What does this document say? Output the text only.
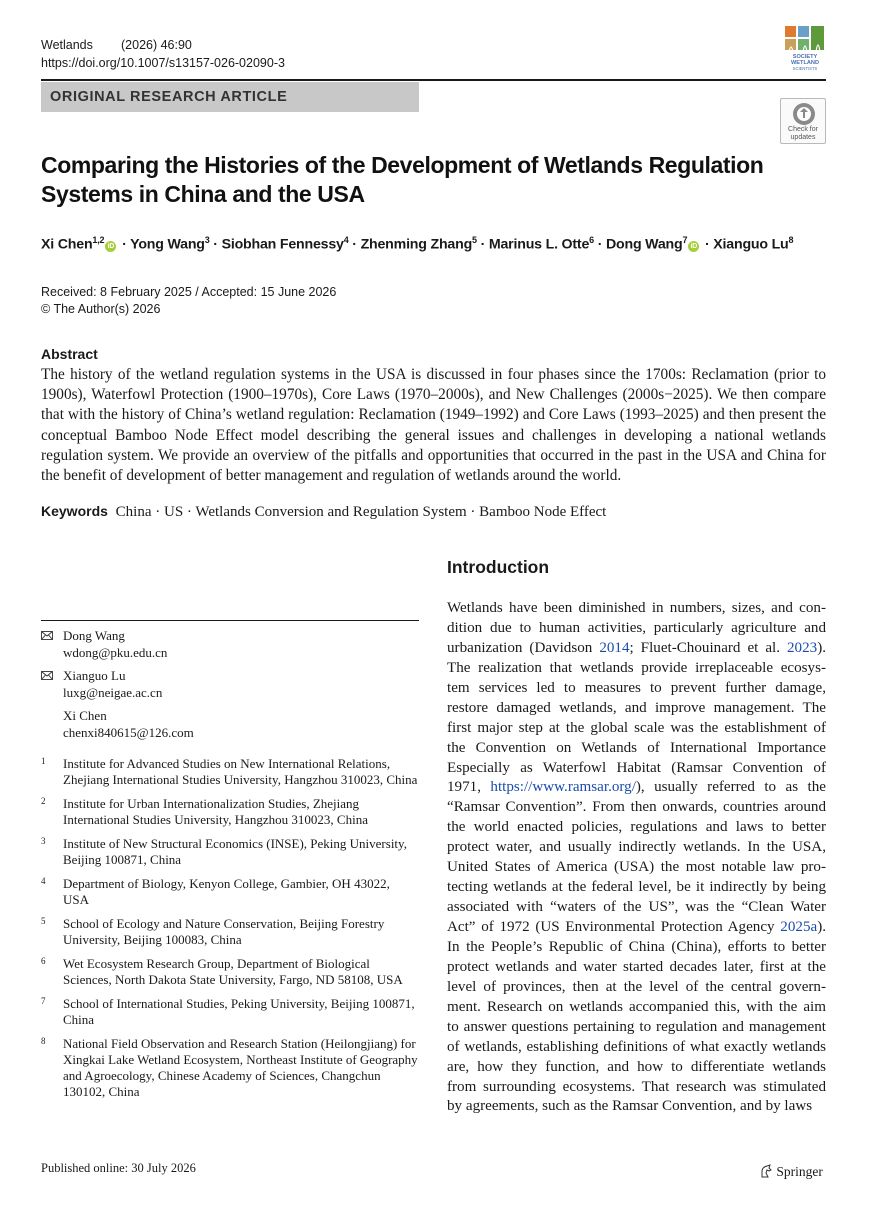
Wetlands (2026) 46:90
https://doi.org/10.1007/s13157-026-02090-3	SOCIETY
WETLAND
SCIENTISTS
ORIGINAL RESEARCH ARTICLE
Check for updates
Comparing the Histories of the Development of Wetlands Regulation Systems in China and the USA
Xi Chen$^{1,2}$iD · Yong Wang$^3$ · Siobhan Fennessy$^4$ · Zhenming Zhang$^5$ · Marinus L. Otte$^6$ · Dong Wang$^7$iD · Xianguo Lu$^8$
Received: 8 February 2025 / Accepted: 15 June 2026
© The Author(s) 2026
Abstract
The history of the wetland regulation systems in the USA is discussed in four phases since the 1700s: Reclamation (prior to 1900s), Waterfowl Protection (1900–1970s), Core Laws (1970–2000s), and New Challenges (2000s−2025). We then compare that with the history of China’s wetland regulation: Reclamation (1949–1992) and Core Laws (1993–2025) and then present the conceptual Bamboo Node Effect model describing the general issues and challenges in developing a national wetlands regulation system. We provide an overview of the pitfalls and opportunities that occurred in the past in the USA and China for the benefit of development of better management and regulation of wetlands around the world.
Keywords China · US · Wetlands Conversion and Regulation System · Bamboo Node Effect
Introduction
Wetlands have been diminished in numbers, sizes, and con-
dition due to human activities, particularly agriculture and
urbanization (Davidson 2014; Fluet-Chouinard et al. 2023).
The realization that wetlands provide irreplaceable ecosys-
tem services led to measures to prevent further damage,
restore damaged wetlands, and improve management. The
first major step at the global scale was the establishment of
the Convention on Wetlands of International Importance
Especially as Waterfowl Habitat (Ramsar Convention of
1971, https://www.ramsar.org/), usually referred to as the
“Ramsar Convention”. From then onwards, countries around
the world enacted policies, regulations and laws to better
protect water, and usually indirectly wetlands. In the USA,
United States of America (USA) the most notable law pro-
tecting wetlands at the federal level, be it indirectly by being
associated with “waters of the US”, was the “Clean Water
Act” of 1972 (US Environmental Protection Agency 2025a).
In the People’s Republic of China (China), efforts to better
protect wetlands and water started decades later, first at the
level of provinces, then at the level of the central govern-
ment. Research on wetlands accompanied this, with the aim
to answer questions pertaining to regulation and management
of wetlands, establishing definitions of what exactly wetlands
are, how they function, and how to differentiate wetlands
from surrounding ecosystems. That research was stimulated
by agreements, such as the Ramsar Convention, and by laws
Dong Wang
wdong@pku.edu.cn
Xianguo Lu
luxg@neigae.ac.cn
Xi Chen
chenxi840615@126.com
1 Institute for Advanced Studies on New International Relations, Zhejiang International Studies University, Hangzhou 310023, China
2 Institute for Urban Internationalization Studies, Zhejiang International Studies University, Hangzhou 310023, China
3 Institute of New Structural Economics (INSE), Peking University, Beijing 100871, China
4 Department of Biology, Kenyon College, Gambier, OH 43022, USA
5 School of Ecology and Nature Conservation, Beijing Forestry University, Beijing 100083, China
6 Wet Ecosystem Research Group, Department of Biological Sciences, North Dakota State University, Fargo, ND 58108, USA
7 School of International Studies, Peking University, Beijing 100871, China
8 National Field Observation and Research Station (Heilongjiang) for Xingkai Lake Wetland Ecosystem, Northeast Institute of Geography and Agroecology, Chinese Academy of Sciences, Changchun 130102, China
Published online: 30 July 2026	Springer
